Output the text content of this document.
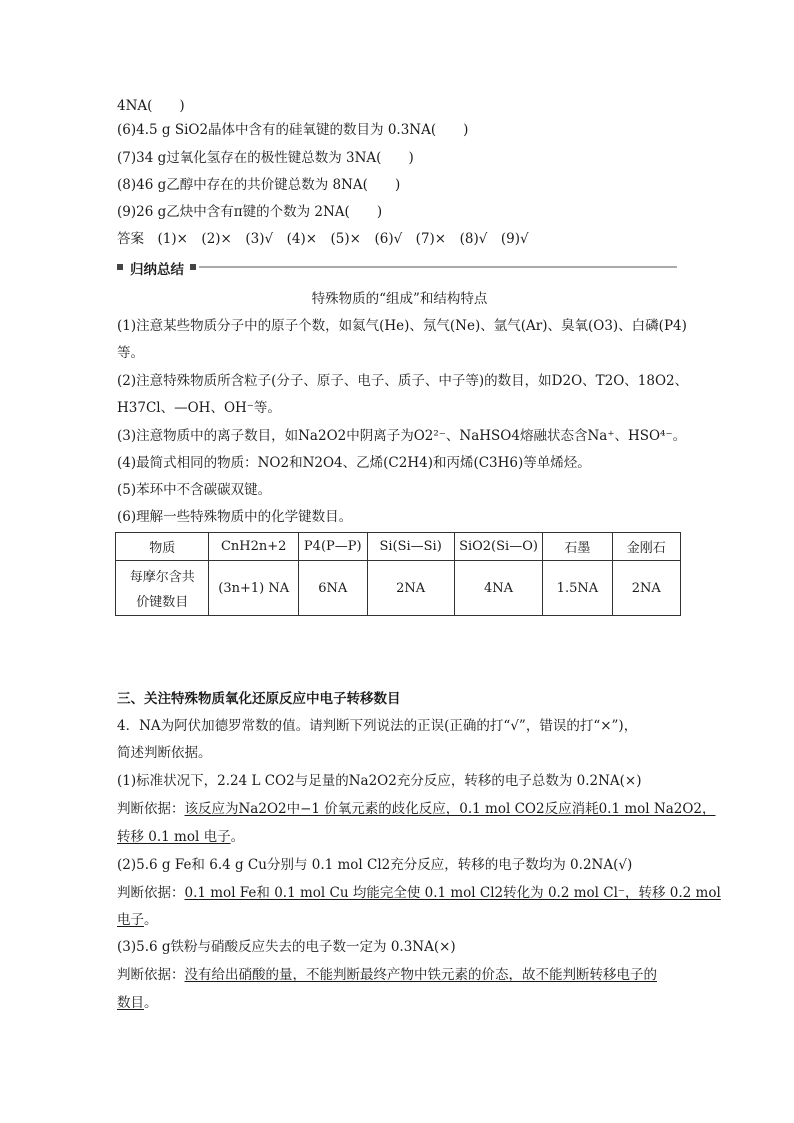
4NA(　　)
(6)4.5 g SiO2晶体中含有的硅氧键的数目为 0.3NA(　　)
(7)34 g过氧化氢存在的极性键总数为 3NA(　　)
(8)46 g乙醇中存在的共价键总数为 8NA(　　)
(9)26 g乙炔中含有π键的个数为 2NA(　　)
答案　(1)×　(2)×　(3)√　(4)×　(5)×　(6)√　(7)×　(8)√　(9)√
归纳总结
特殊物质的“组成”和结构特点
(1)注意某些物质分子中的原子个数，如氦气(He)、氖气(Ne)、氩气(Ar)、臭氧(O3)、白磷(P4)
等。
(2)注意特殊物质所含粒子(分子、原子、电子、质子、中子等)的数目，如D2O、T2O、18O2、
H37Cl、—OH、OH⁻等。
(3)注意物质中的离子数目，如Na2O2中阴离子为O2²⁻、NaHSO4熔融状态含Na⁺、HSO⁴⁻。
(4)最简式相同的物质：NO2和N2O4、乙烯(C2H4)和丙烯(C3H6)等单烯烃。
(5)苯环中不含碳碳双键。
(6)理解一些特殊物质中的化学键数目。
物质	CnH2n+2	P4(P—P)	Si(Si—Si)	SiO2(Si—O)	石墨	金刚石

每摩尔含共
价键数目	(3n+1) NA	6NA	2NA	4NA	1.5NA	2NA
三、关注特殊物质氧化还原反应中电子转移数目
4．NA为阿伏加德罗常数的值。请判断下列说法的正误(正确的打“√”，错误的打“×”)，
简述判断依据。
(1)标准状况下，2.24 L CO2与足量的Na2O2充分反应，转移的电子总数为 0.2NA(×)
判断依据：该反应为Na2O2中−1 价氧元素的歧化反应，0.1 mol CO2反应消耗0.1 mol Na2O2，
转移 0.1 mol 电子。
(2)5.6 g Fe和 6.4 g Cu分别与 0.1 mol Cl2充分反应，转移的电子数均为 0.2NA(√)
判断依据：0.1 mol Fe和 0.1 mol Cu 均能完全使 0.1 mol Cl2转化为 0.2 mol Cl⁻，转移 0.2 mol
电子。
(3)5.6 g铁粉与硝酸反应失去的电子数一定为 0.3NA(×)
判断依据：没有给出硝酸的量，不能判断最终产物中铁元素的价态，故不能判断转移电子的
数目。
